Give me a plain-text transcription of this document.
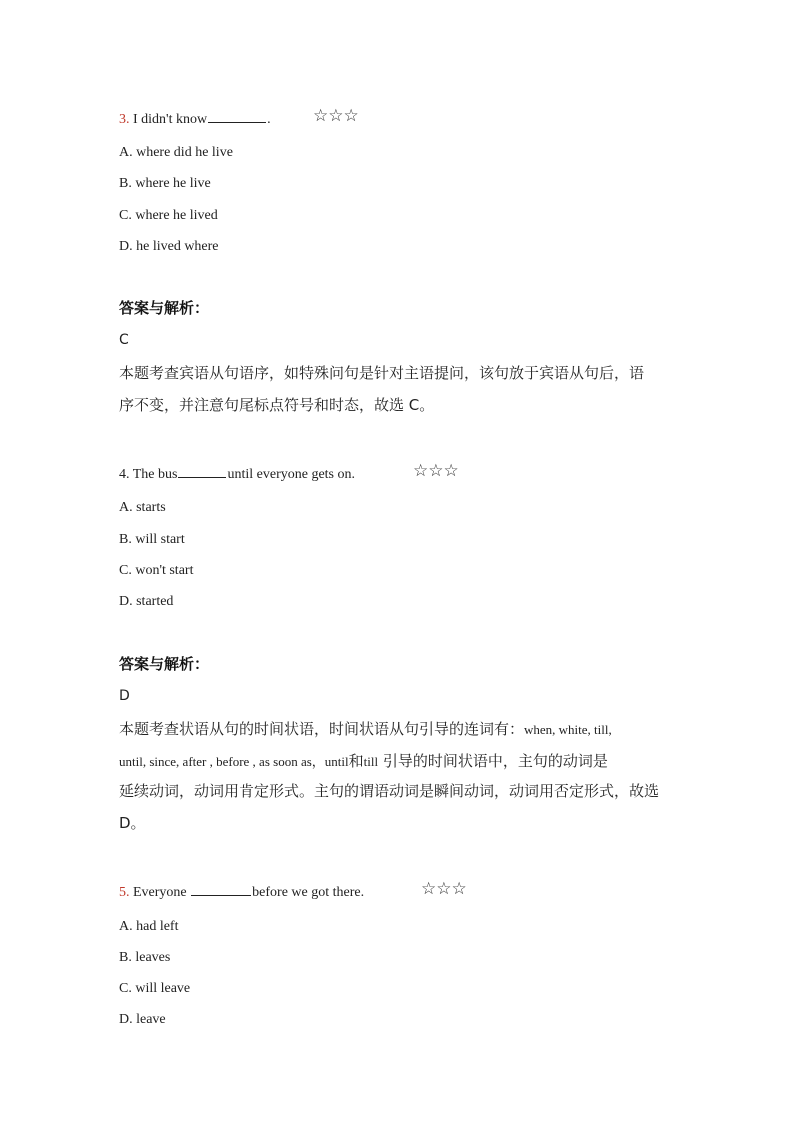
3. I didn't know	. ☆☆☆
A. where did he live
B. where he live
C. where he lived
D. he lived where
答案与解析：
C
本题考查宾语从句语序，如特殊问句是针对主语提问，该句放于宾语从句后，语
序不变，并注意句尾标点符号和时态，故选 C。
4. The bus	until everyone gets on.	☆☆☆
A. starts
B. will start
C. won't start
D. started
答案与解析：
D
本题考查状语从句的时间状语，时间状语从句引导的连词有：when, white, till,
until, since, after , before , as soon as，until和till 引导的时间状语中，主句的动词是
延续动词，动词用肯定形式。主句的谓语动词是瞬间动词，动词用否定形式，故选
D。
5. Everyone	before we got there.	☆☆☆
A. had left
B. leaves
C. will leave
D. leave
